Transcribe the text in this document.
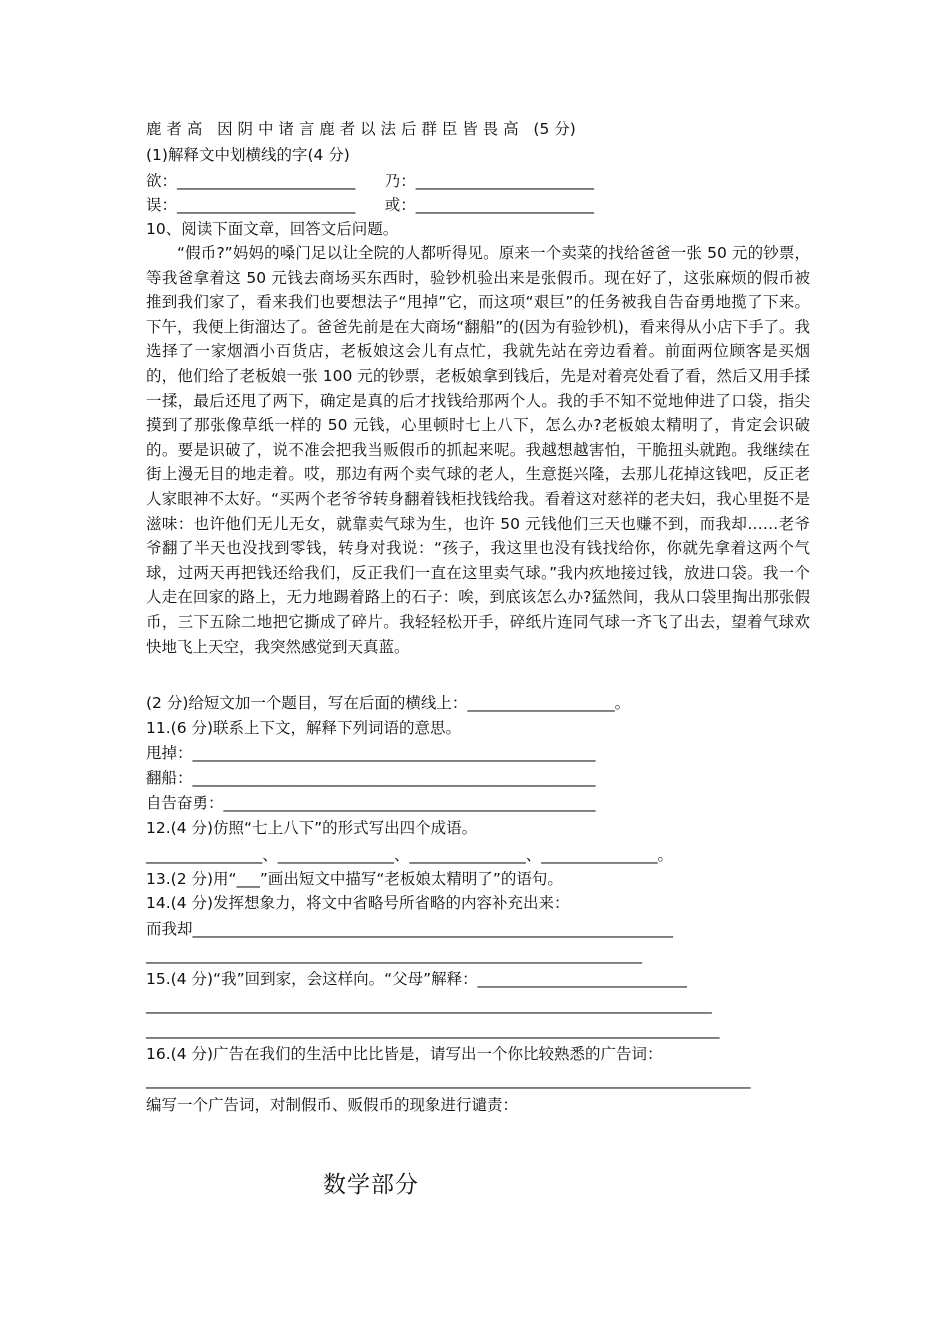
鹿 者 高   因 阴 中 诸 言 鹿 者 以 法 后 群 臣 皆 畏 高   (5 分)
(1)解释文中划横线的字(4 分)
欲：_______________________      乃：_______________________
误：_______________________      或：_______________________
10、阅读下面文章，回答文后问题。
“假币?”妈妈的嗓门足以让全院的人都听得见。原来一个卖菜的找给爸爸一张 50 元的钞票，等我爸拿着这 50 元钱去商场买东西时，验钞机验出来是张假币。现在好了，这张麻烦的假币被推到我们家了，看来我们也要想法子“甩掉”它，而这项“艰巨”的任务被我自告奋勇地揽了下来。下午，我便上街溜达了。爸爸先前是在大商场“翻船”的(因为有验钞机)，看来得从小店下手了。我选择了一家烟酒小百货店，老板娘这会儿有点忙，我就先站在旁边看着。前面两位顾客是买烟的，他们给了老板娘一张 100 元的钞票，老板娘拿到钱后，先是对着亮处看了看，然后又用手揉一揉，最后还甩了两下，确定是真的后才找钱给那两个人。我的手不知不觉地伸进了口袋，指尖摸到了那张像草纸一样的 50 元钱，心里顿时七上八下，怎么办?老板娘太精明了，肯定会识破的。要是识破了，说不准会把我当贩假币的抓起来呢。我越想越害怕，干脆扭头就跑。我继续在街上漫无目的地走着。哎，那边有两个卖气球的老人，生意挺兴隆，去那儿花掉这钱吧，反正老人家眼神不太好。“买两个老爷爷转身翻着钱柜找钱给我。看着这对慈祥的老夫妇，我心里挺不是滋味：也许他们无儿无女，就靠卖气球为生，也许 50 元钱他们三天也赚不到，而我却……老爷爷翻了半天也没找到零钱，转身对我说：“孩子，我这里也没有钱找给你，你就先拿着这两个气球，过两天再把钱还给我们，反正我们一直在这里卖气球。”我内疚地接过钱，放进口袋。我一个人走在回家的路上，无力地踢着路上的石子：唉，到底该怎么办?猛然间，我从口袋里掏出那张假币，三下五除二地把它撕成了碎片。我轻轻松开手，碎纸片连同气球一齐飞了出去，望着气球欢快地飞上天空，我突然感觉到天真蓝。
(2 分)给短文加一个题目，写在后面的横线上：___________________。
11.(6 分)联系上下文，解释下列词语的意思。
甩掉：____________________________________________________
翻船：____________________________________________________
自告奋勇：________________________________________________
12.(4 分)仿照“七上八下”的形式写出四个成语。
_______________、_______________、_______________、_______________。
13.(2 分)用“___”画出短文中描写“老板娘太精明了”的语句。
14.(4 分)发挥想象力，将文中省略号所省略的内容补充出来：
而我却______________________________________________________________
________________________________________________________________
15.(4 分)“我”回到家，会这样向。“父母”解释：___________________________
_________________________________________________________________________
__________________________________________________________________________
16.(4 分)广告在我们的生活中比比皆是，请写出一个你比较熟悉的广告词：
______________________________________________________________________________
编写一个广告词，对制假币、贩假币的现象进行谴责：
数学部分
